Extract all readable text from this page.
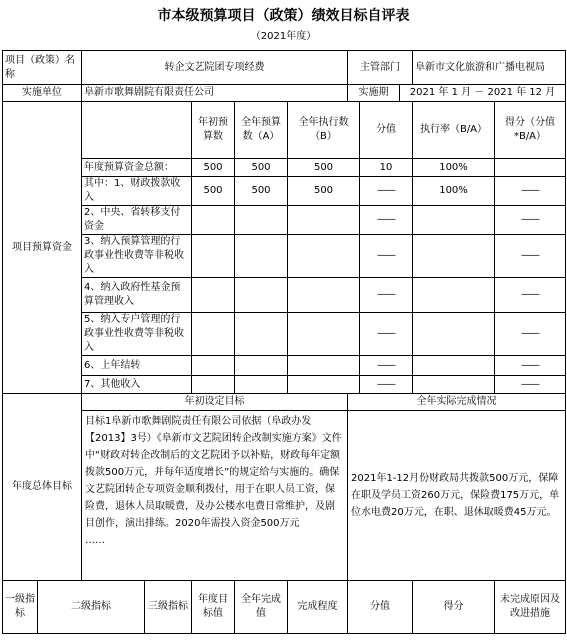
市本级预算项目（政策）绩效目标自评表
（2021年度）
项目（政策）名称		转企文艺院团专项经费					主管部门			阜新市文化旅游和广播电视局	
实施单位		阜新市歌舞剧院有限责任公司					实施期		2021 年 1 月 － 2021 年 12 月		
项目预算资金				年初预算数	全年预算数（A）	全年执行数（B）		分值		执行率（B/A）	得分（分值*B/A）
		年度预算资金总额：		500	500	500		10		100%	
		其中：1、财政拨款收入		500	500	500		——		100%	——
		2、中央、省转移支付资金						——			——
		3、纳入预算管理的行政事业性收费等非税收入						——			——
		4、纳入政府性基金预算管理收入						——			——
		5、纳入专户管理的行政事业性收费等非税收入						——			——
		6、上年结转						——			——
		7、其他收入						——			——
年度总体目标		年初设定目标					全年实际完成情况				

		目标1阜新市歌舞剧院责任有限公司依据（阜政办发【2013】3号）《阜新市文艺院团转企改制实施方案》文件中“财政对转企改制后的文艺院团予以补贴，财政每年定额拨款500万元，并每年适度增长”的规定给与实施的。确保文艺院团转企专项资金顺利拨付，用于在职人员工资，保险费，退休人员取暖费，及办公楼水电费日常维护，及剧目创作，演出排练。2020年需投入资金500万元
……					2021年1-12月份财政局共拨款500万元，保障在职及学员工资260万元，保险费175万元，单位水电费20万元，在职、退休取暖费45万元。				
一级指标	二级指标		三级指标	年度目标值	全年完成值	完成程度	分值			得分	未完成原因及改进措施
